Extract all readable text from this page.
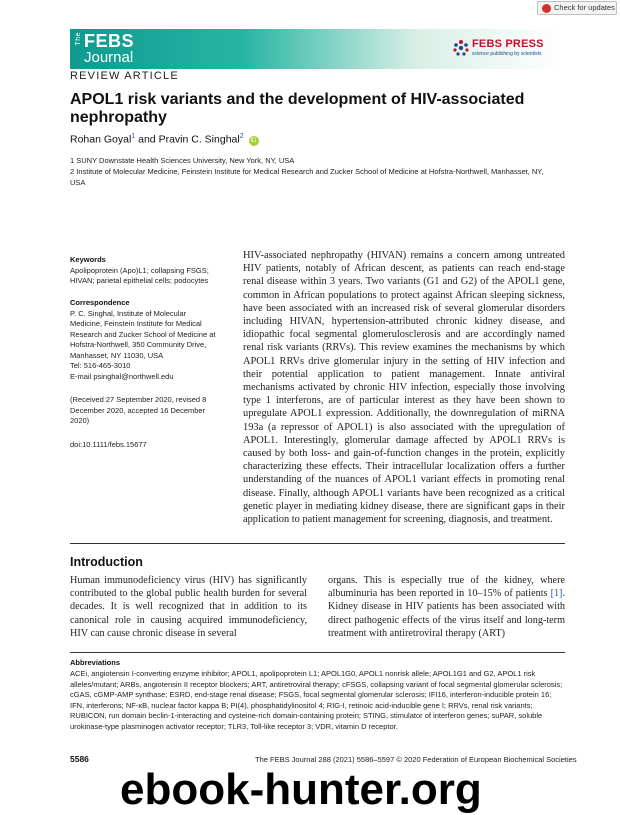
Check for updates
The FEBS
Journal
FEBS PRESS
science publishing by scientists
REVIEW ARTICLE
APOL1 risk variants and the development of HIV-associated nephropathy
Rohan Goyal$^1$ and Pravin C. Singhal$^2$ iD
1 SUNY Downstate Health Sciences University, New York, NY, USA
2 Institute of Molecular Medicine, Feinstein Institute for Medical Research and Zucker School of Medicine at Hofstra-Northwell, Manhasset, NY, USA
Keywords
Apolipoprotein (Apo)L1; collapsing FSGS; HIVAN; parietal epithelial cells; podocytes
Correspondence
P. C. Singhal, Institute of Molecular
Medicine, Feinstein Institute for Medical
Research and Zucker School of Medicine at
Hofstra-Northwell, 350 Community Drive,
Manhasset, NY 11030, USA
Tel: 516-465-3010
E-mail psinghal@northwell.edu
(Received 27 September 2020, revised 8 December 2020, accepted 16 December 2020)
doi:10.1111/febs.15677
HIV-associated nephropathy (HIVAN) remains a concern among untreated HIV patients, notably of African descent, as patients can reach end-stage renal disease within 3 years. Two variants (G1 and G2) of the APOL1 gene, common in African populations to protect against African sleeping sickness, have been associated with an increased risk of several glomerular disorders including HIVAN, hypertension-attributed chronic kidney disease, and idiopathic focal segmental glomerulosclerosis and are accordingly named renal risk variants (RRVs). This review examines the mechanisms by which APOL1 RRVs drive glomerular injury in the setting of HIV infection and their potential application to patient management. Innate antiviral mechanisms activated by chronic HIV infection, especially those involving type 1 interferons, are of particular interest as they have been shown to upregulate APOL1 expression. Additionally, the downregulation of miRNA 193a (a repressor of APOL1) is also associated with the upregulation of APOL1. Interestingly, glomerular damage affected by APOL1 RRVs is caused by both loss- and gain-of-function changes in the protein, explicitly characterizing these effects. Their intracellular localization offers a further understanding of the nuances of APOL1 variant effects in promoting renal disease. Finally, although APOL1 variants have been recognized as a critical genetic player in mediating kidney disease, there are significant gaps in their application to patient management for screening, diagnosis, and treatment.
Introduction
Human immunodeficiency virus (HIV) has significantly contributed to the global public health burden for several decades. It is well recognized that in addition to its canonical role in causing acquired immunodeficiency, HIV can cause chronic disease in several
organs. This is especially true of the kidney, where albuminuria has been reported in 10–15% of patients [1]. Kidney disease in HIV patients has been associated with direct pathogenic effects of the virus itself and long-term treatment with antiretroviral therapy (ART)
Abbreviations
ACEi, angiotensin I-converting enzyme inhibitor; APOL1, apolipoprotein L1; APOL1G0, APOL1 nonrisk allele; APOL1G1 and G2, APOL1 risk alleles/mutant; ARBs, angiotensin II receptor blockers; ART, antiretroviral therapy; cFSGS, collapsing variant of focal segmental glomerular sclerosis; cGAS, cGMP-AMP synthase; ESRD, end-stage renal disease; FSGS, focal segmental glomerular sclerosis; IFI16, interferon-inducible protein 16; IFN, interferons; NF-κB, nuclear factor kappa B; PI(4), phosphatidylinositol 4; RIG-I, retinoic acid-inducible gene I; RRVs, renal risk variants; RUBICON, run domain beclin-1-interacting and cysteine-rich domain-containing protein; STING, stimulator of interferon genes; suPAR, soluble urokinase-type plasminogen activator receptor; TLR3, Toll-like receptor 3; VDR, vitamin D receptor.
5586	The FEBS Journal 288 (2021) 5586–5597 © 2020 Federation of European Biochemical Societies
ebook-hunter.org
